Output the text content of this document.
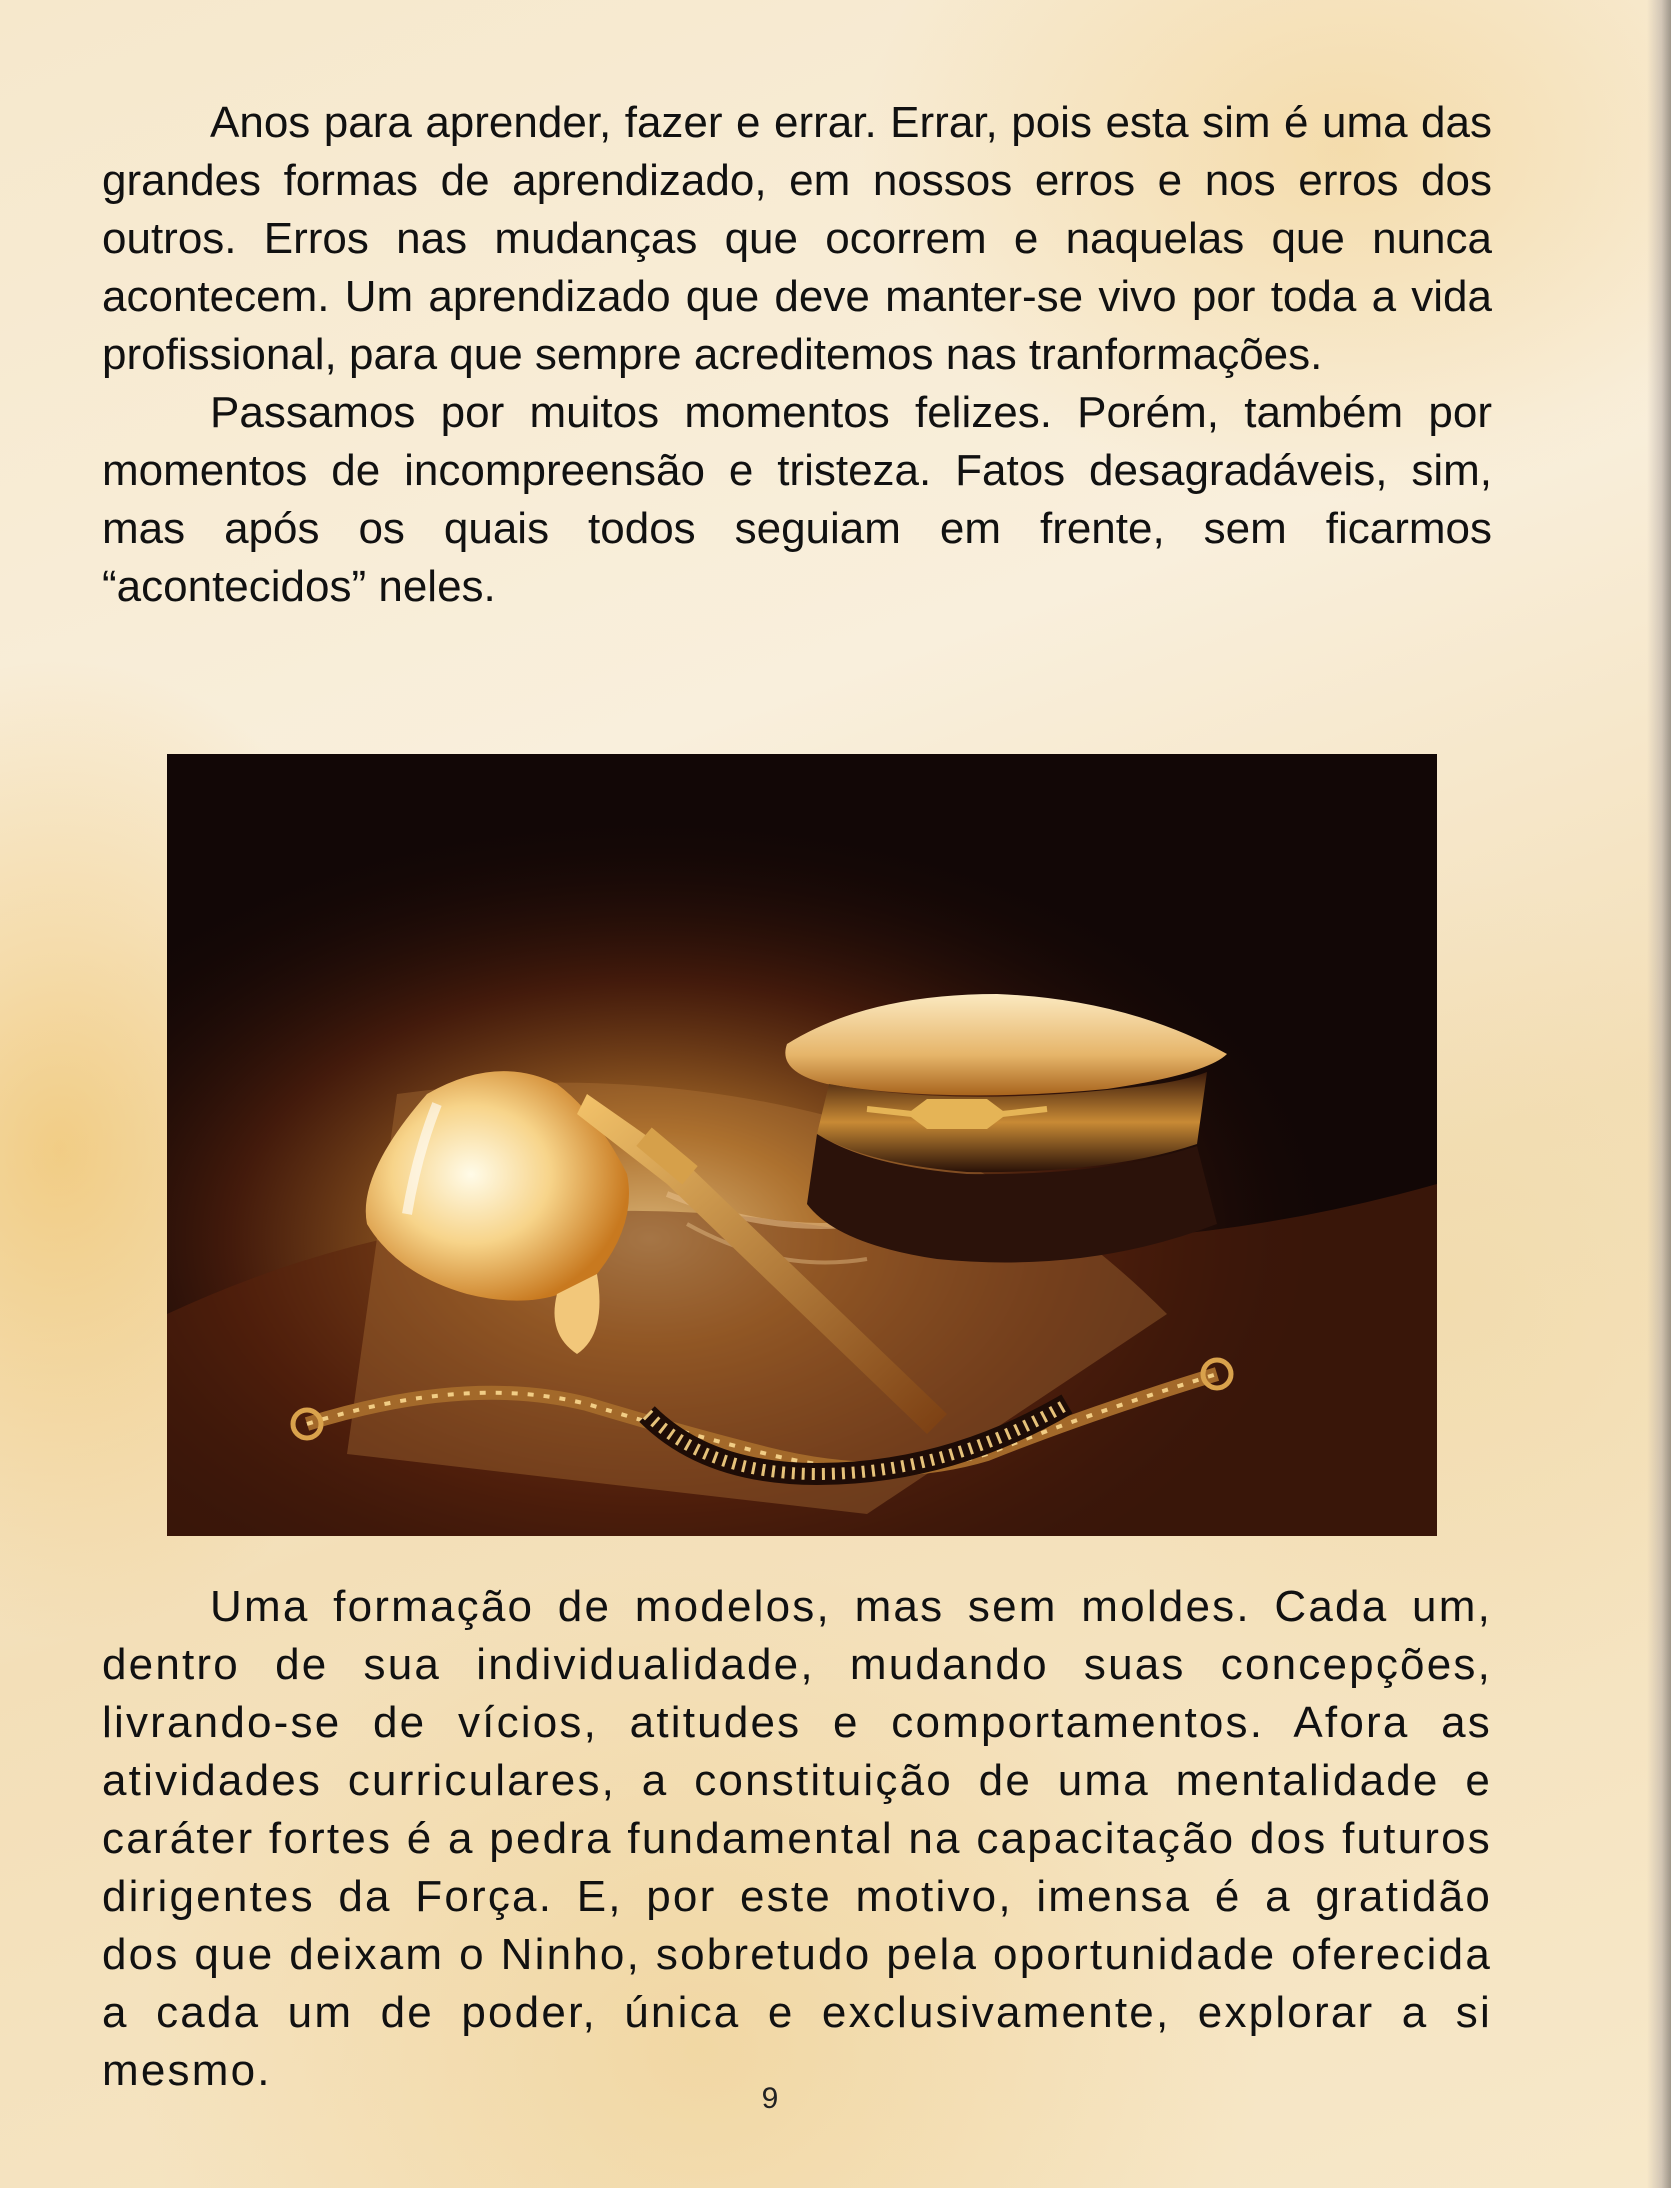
Anos para aprender, fazer e errar. Errar, pois esta sim é uma das grandes formas de aprendizado, em nossos erros e nos erros dos outros. Erros nas mudanças que ocorrem e naquelas que nunca acontecem. Um aprendizado que deve manter-se vivo por toda a vida profissional, para que sempre acreditemos nas tranformações.

Passamos por muitos momentos felizes. Porém, também por momentos de incompreensão e tristeza. Fatos desagradáveis, sim, mas após os quais todos seguiam em frente, sem ficarmos “acontecidos” neles.

Uma formação de modelos, mas sem moldes. Cada um, dentro de sua individualidade, mudando suas concepções, livrando-se de vícios, atitudes e comportamentos. Afora as atividades curriculares, a constituição de uma mentalidade e caráter fortes é a pedra fundamental na capacitação dos futuros dirigentes da Força. E, por este motivo, imensa é a gratidão dos que deixam o Ninho, sobretudo pela oportunidade oferecida a cada um de poder, única e exclusivamente, explorar a si mesmo.

9
